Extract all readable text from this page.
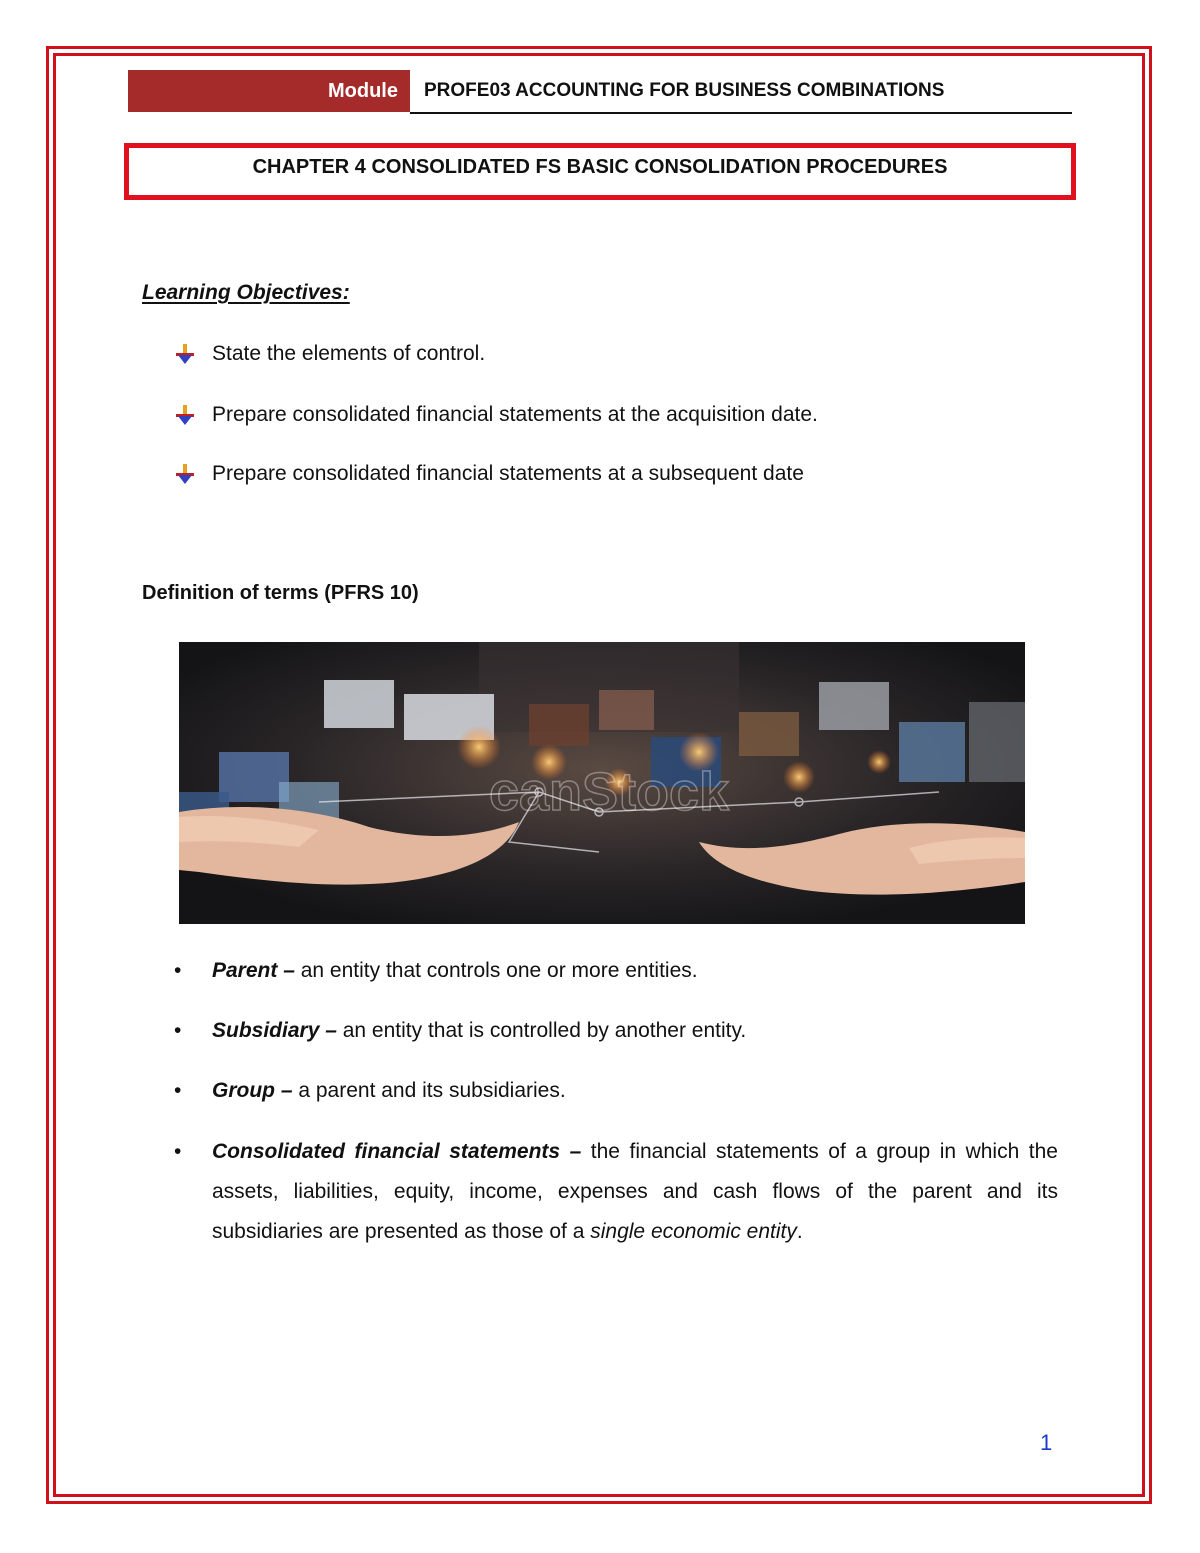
Module	PROFE03 ACCOUNTING FOR BUSINESS COMBINATIONS
CHAPTER 4 CONSOLIDATED FS BASIC CONSOLIDATION PROCEDURES
Learning Objectives:
State the elements of control.
Prepare consolidated financial statements at the acquisition date.
Prepare consolidated financial statements at a subsequent date
Definition of terms (PFRS 10)
canStock
•	Parent – an entity that controls one or more entities.
•	Subsidiary – an entity that is controlled by another entity.
•	Group – a parent and its subsidiaries.
•	Consolidated financial statements – the financial statements of a group in which the assets, liabilities, equity, income, expenses and cash flows of the parent and its subsidiaries are presented as those of a single economic entity.
1
